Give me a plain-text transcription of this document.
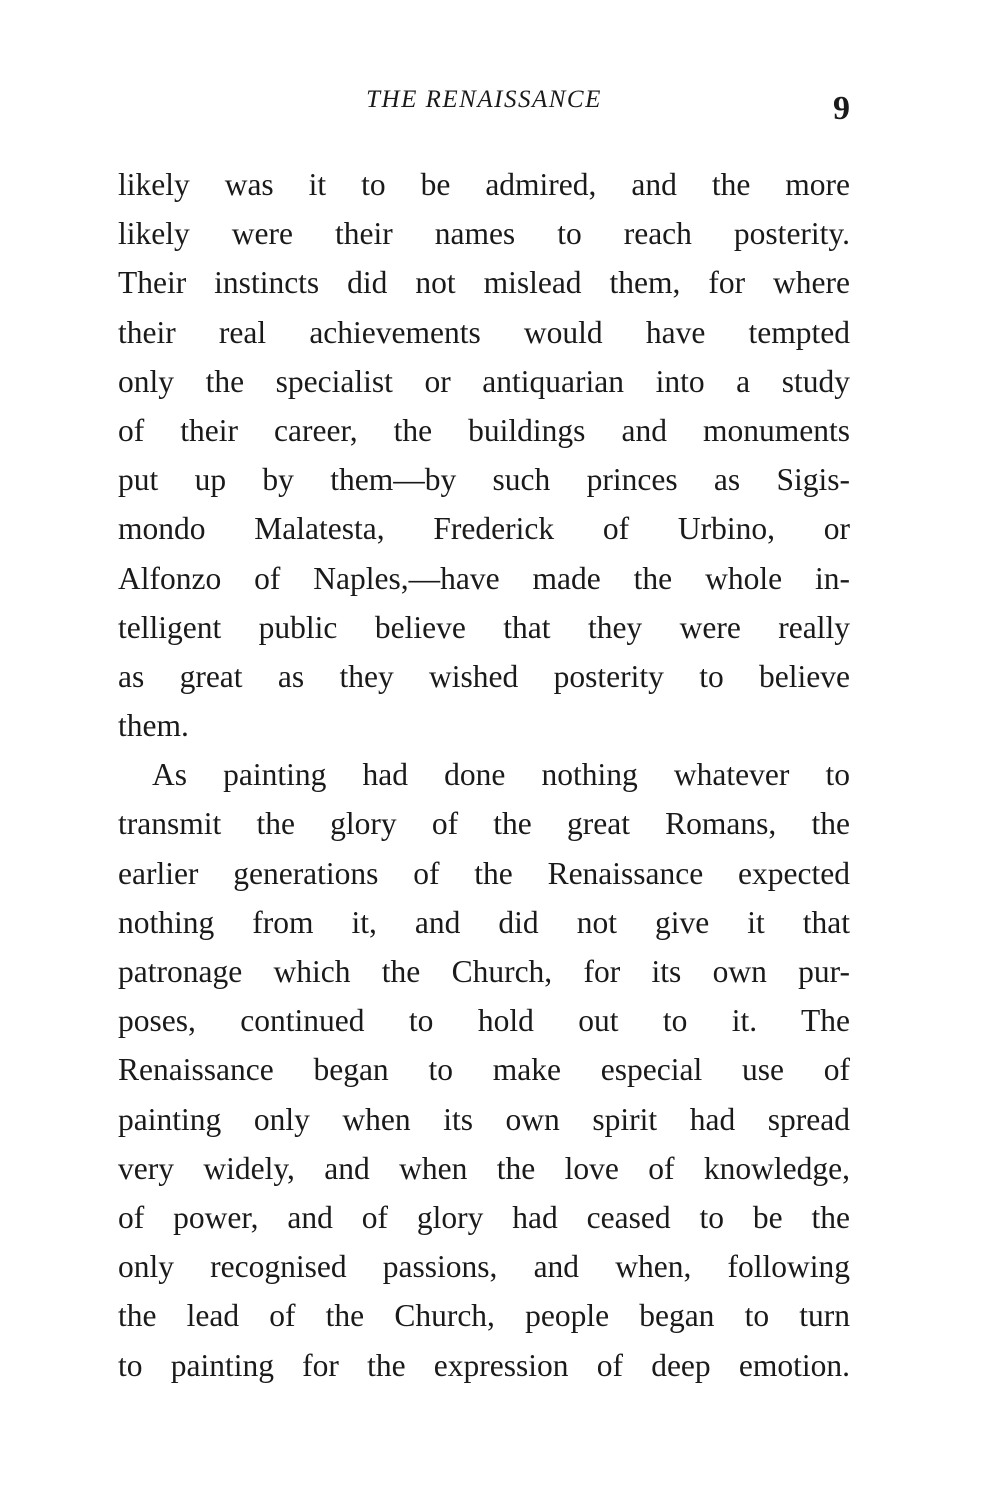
THE RENAISSANCE	9
likely was it to be admired, and the more
likely were their names to reach posterity.
Their instincts did not mislead them, for where
their real achievements would have tempted
only the specialist or antiquarian into a study
of their career, the buildings and monuments
put up by them—by such princes as Sigis-
mondo Malatesta, Frederick of Urbino, or
Alfonzo of Naples,—have made the whole in-
telligent public believe that they were really
as great as they wished posterity to believe
them.
As painting had done nothing whatever to
transmit the glory of the great Romans, the
earlier generations of the Renaissance expected
nothing from it, and did not give it that
patronage which the Church, for its own pur-
poses, continued to hold out to it. The
Renaissance began to make especial use of
painting only when its own spirit had spread
very widely, and when the love of knowledge,
of power, and of glory had ceased to be the
only recognised passions, and when, following
the lead of the Church, people began to turn
to painting for the expression of deep emotion.
